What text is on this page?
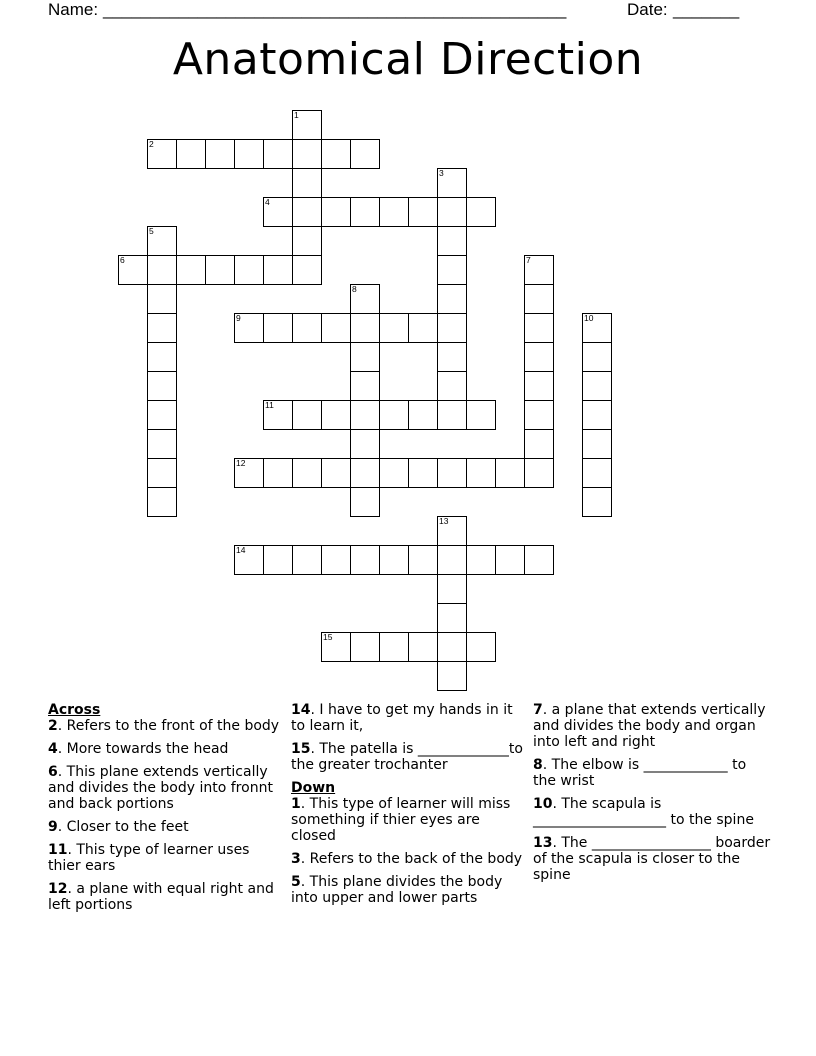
Name: _________________________________________________	Date: _______
Anatomical Direction
1
2
4
3
5
6	7
8
9	10
11
12
13
14
15
Across
2. Refers to the front of the body
4. More towards the head
6. This plane extends vertically and divides the body into fronnt and back portions
9. Closer to the feet
11. This type of learner uses thier ears
12. a plane with equal right and left portions
14. I have to get my hands in it to learn it,
15. The patella is _____________to the greater trochanter
Down
1. This type of learner will miss something if thier eyes are closed
3. Refers to the back of the body
5. This plane divides the body into upper and lower parts
7. a plane that extends vertically and divides the body and organ into left and right
8. The elbow is ____________ to the wrist
10. The scapula is ___________________ to the spine
13. The _________________ boarder of the scapula is closer to the spine
